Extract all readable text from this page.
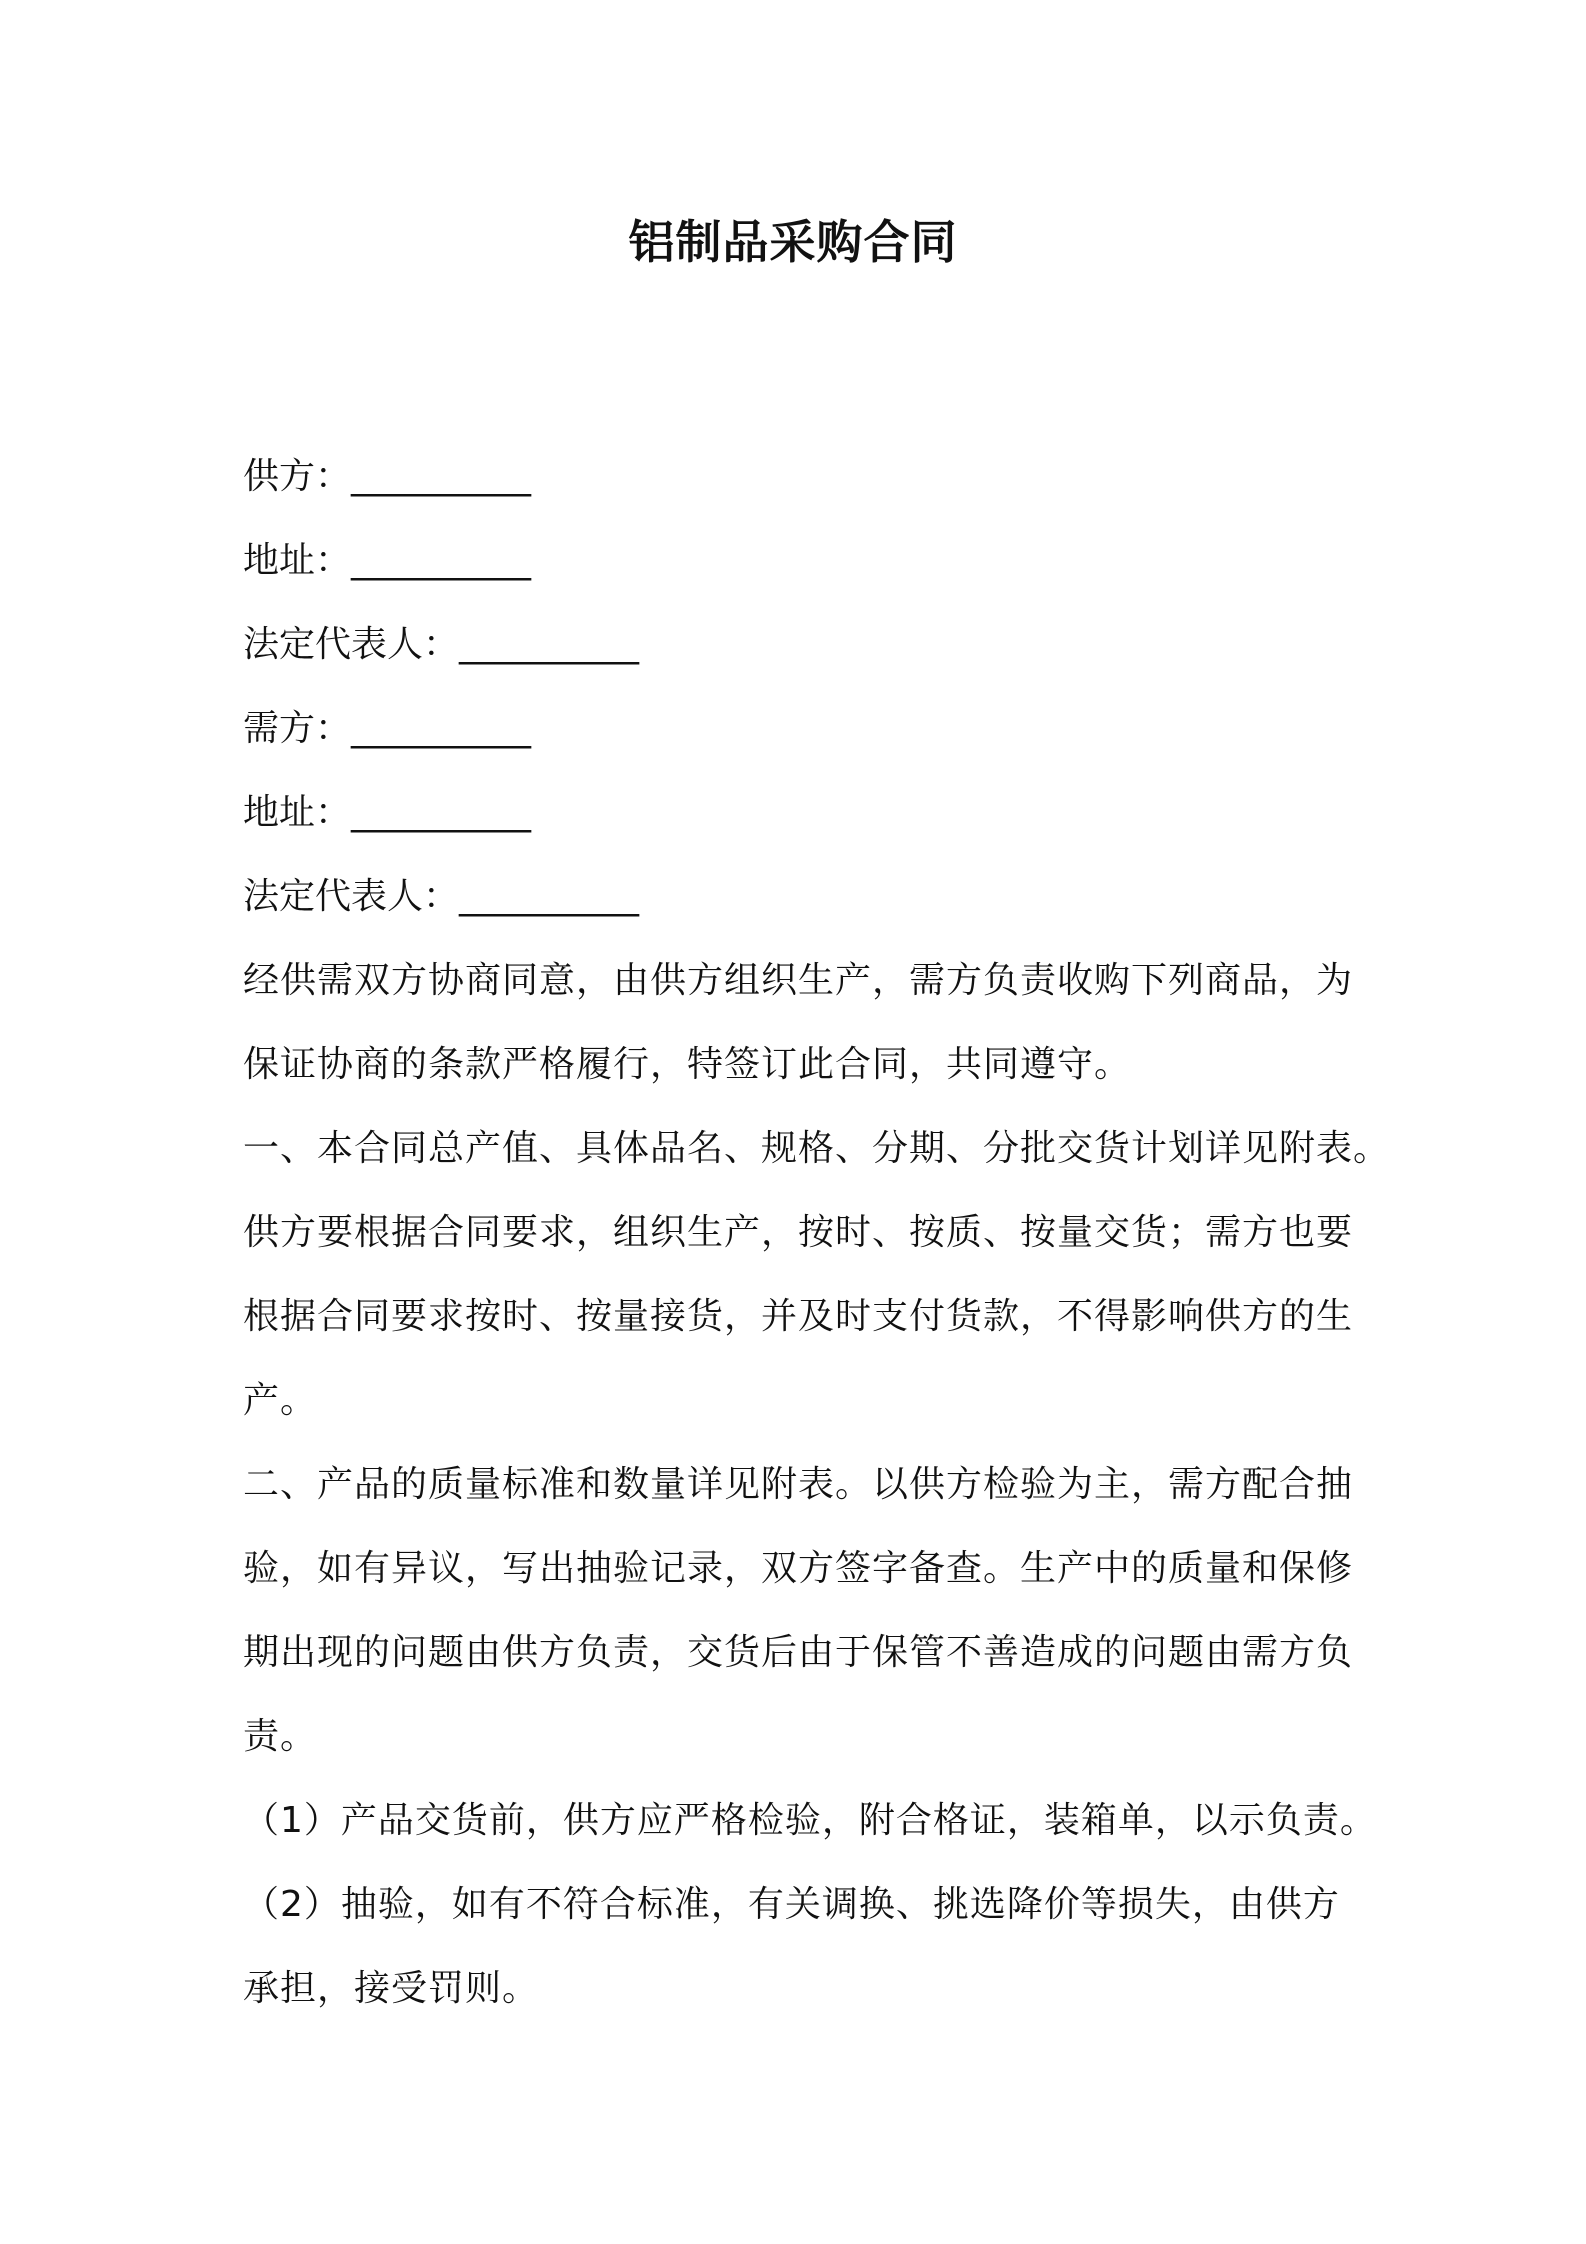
铝制品采购合同
供方：__________
地址：__________
法定代表人：__________
需方：__________
地址：__________
法定代表人：__________
经供需双方协商同意，由供方组织生产，需方负责收购下列商品，为
保证协商的条款严格履行，特签订此合同，共同遵守。
一、本合同总产值、具体品名、规格、分期、分批交货计划详见附表。
供方要根据合同要求，组织生产，按时、按质、按量交货；需方也要
根据合同要求按时、按量接货，并及时支付货款，不得影响供方的生
产。
二、产品的质量标准和数量详见附表。以供方检验为主，需方配合抽
验，如有异议，写出抽验记录，双方签字备查。生产中的质量和保修
期出现的问题由供方负责，交货后由于保管不善造成的问题由需方负
责。
（1）产品交货前，供方应严格检验，附合格证，装箱单，以示负责。
（2）抽验，如有不符合标准，有关调换、挑选降价等损失，由供方
承担，接受罚则。
